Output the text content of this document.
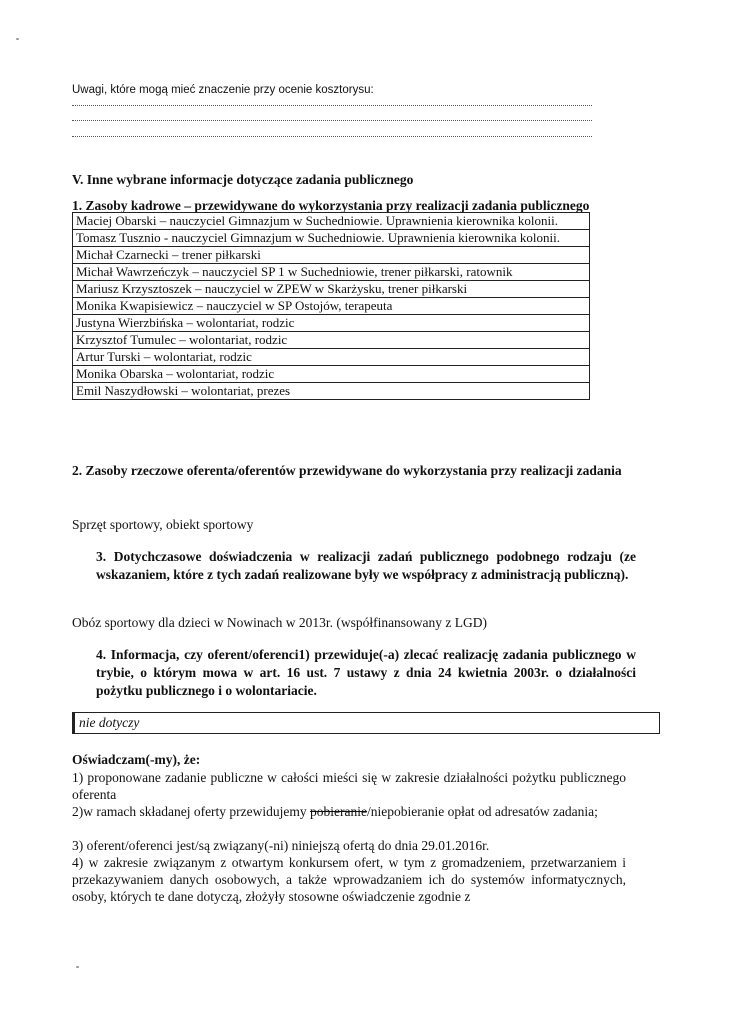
Uwagi, które mogą mieć znaczenie przy ocenie kosztorysu:
V. Inne wybrane informacje dotyczące zadania publicznego
1. Zasoby kadrowe – przewidywane do wykorzystania przy realizacji zadania publicznego
Maciej Obarski – nauczyciel Gimnazjum w Suchedniowie. Uprawnienia kierownika kolonii.
Tomasz Tusznio - nauczyciel Gimnazjum w Suchedniowie. Uprawnienia kierownika kolonii.
Michał Czarnecki – trener piłkarski
Michał Wawrzeńczyk – nauczyciel SP 1 w Suchedniowie, trener piłkarski, ratownik
Mariusz Krzysztoszek – nauczyciel w ZPEW w Skarżysku, trener piłkarski
Monika Kwapisiewicz – nauczyciel w SP Ostojów, terapeuta
Justyna Wierzbińska – wolontariat, rodzic
Krzysztof Tumulec – wolontariat, rodzic
Artur Turski – wolontariat, rodzic
Monika Obarska – wolontariat, rodzic
Emil Naszydłowski – wolontariat, prezes
2. Zasoby rzeczowe oferenta/oferentów przewidywane do wykorzystania przy realizacji zadania
Sprzęt sportowy, obiekt sportowy
3. Dotychczasowe doświadczenia w realizacji zadań publicznego podobnego rodzaju (ze wskazaniem, które z tych zadań realizowane były we współpracy z administracją publiczną).
Obóz sportowy dla dzieci w Nowinach w 2013r. (współfinansowany z LGD)
4. Informacja, czy oferent/oferenci1) przewiduje(-a) zlecać realizację zadania publicznego w trybie, o którym mowa w art. 16 ust. 7 ustawy z dnia 24 kwietnia 2003r. o działalności pożytku publicznego i o wolontariacie.
nie dotyczy
Oświadczam(-my), że:
1) proponowane zadanie publiczne w całości mieści się w zakresie działalności pożytku publicznego oferenta
2)w ramach składanej oferty przewidujemy pobieranie/niepobieranie opłat od adresatów zadania;
3) oferent/oferenci jest/są związany(-ni) niniejszą ofertą do dnia 29.01.2016r.
4) w zakresie związanym z otwartym konkursem ofert, w tym z gromadzeniem, przetwarzaniem i przekazywaniem danych osobowych, a także wprowadzaniem ich do systemów informatycznych, osoby, których te dane dotyczą, złożyły stosowne oświadczenie zgodnie z
